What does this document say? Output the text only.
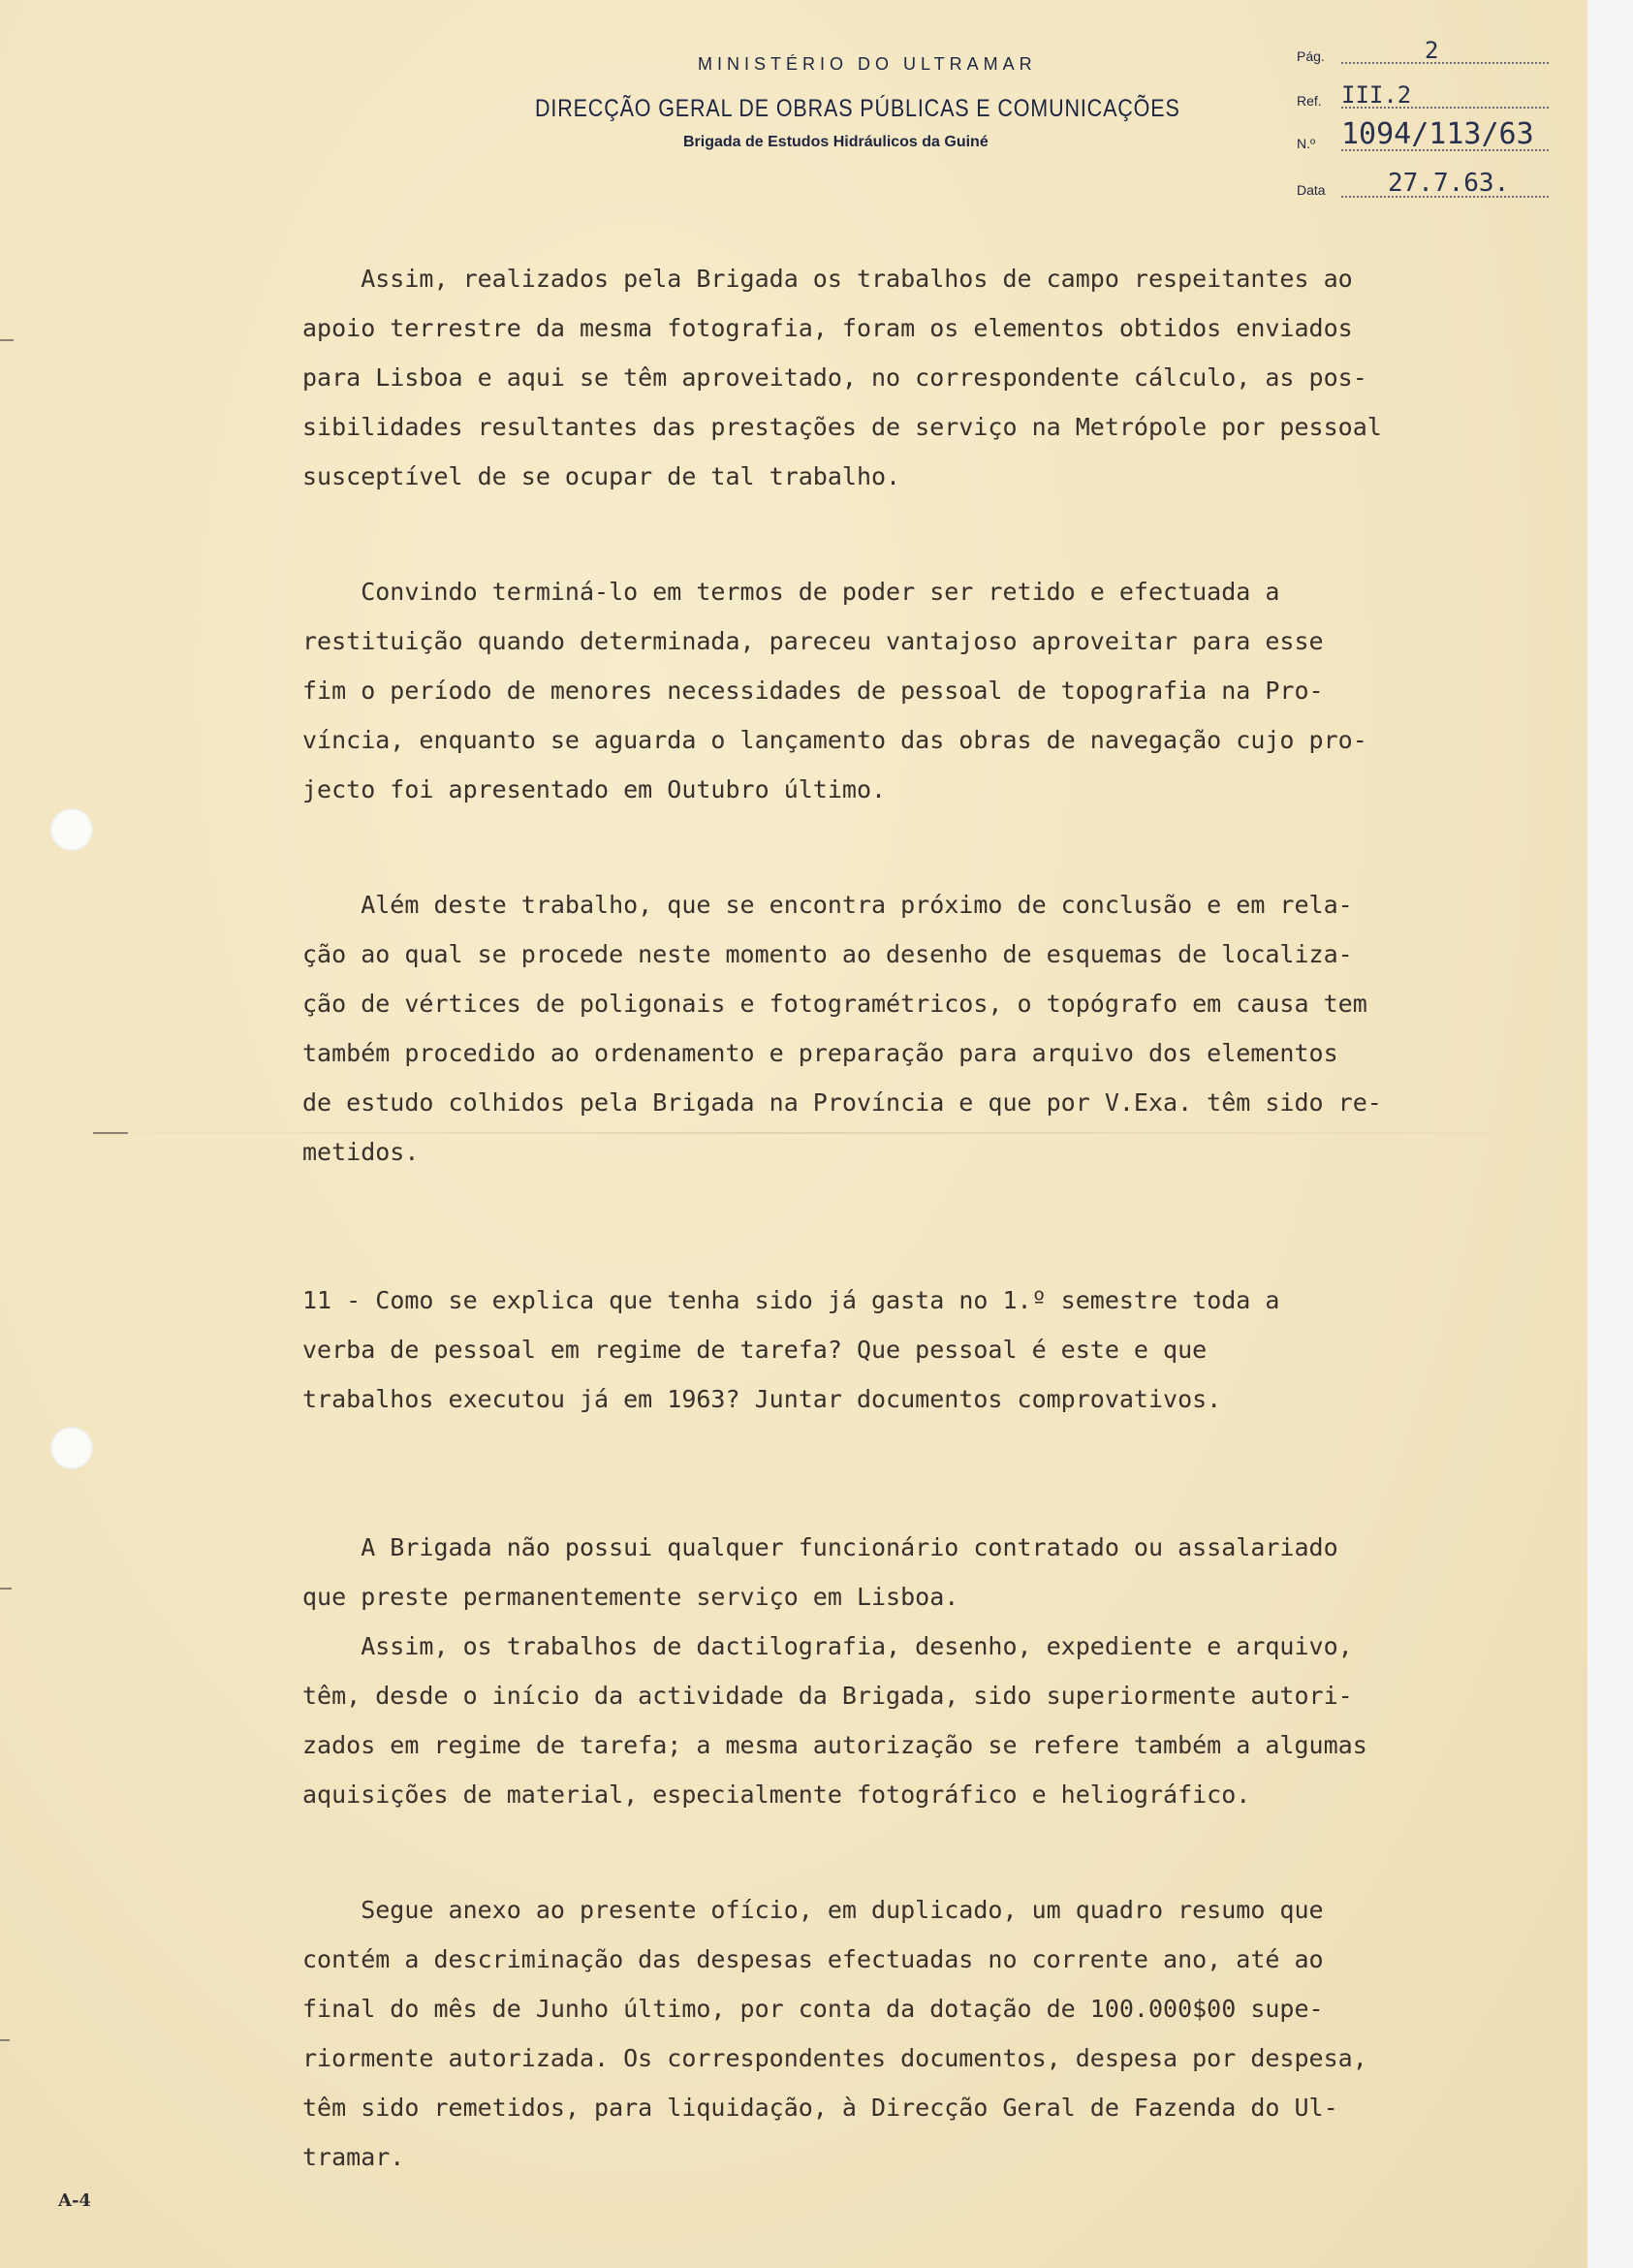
MINISTÉRIO DO ULTRAMAR
DIRECÇÃO GERAL DE OBRAS PÚBLICAS E COMUNICAÇÕES
Brigada de Estudos Hidráulicos da Guiné
Pág.	2
Ref. III.2
N.º 1094/113/63
Data 27.7.63.

Assim, realizados pela Brigada os trabalhos de campo respeitantes ao

apoio terrestre da mesma fotografia, foram os elementos obtidos enviados

para Lisboa e aqui se têm aproveitado, no correspondente cálculo, as pos-

sibilidades resultantes das prestações de serviço na Metrópole por pessoal

susceptível de se ocupar de tal trabalho.

Convindo terminá-lo em termos de poder ser retido e efectuada a

restituição quando determinada, pareceu vantajoso aproveitar para esse

fim o período de menores necessidades de pessoal de topografia na Pro-

víncia, enquanto se aguarda o lançamento das obras de navegação cujo pro-

jecto foi apresentado em Outubro último.

Além deste trabalho, que se encontra próximo de conclusão e em rela-

ção ao qual se procede neste momento ao desenho de esquemas de localiza-

ção de vértices de poligonais e fotogramétricos, o topógrafo em causa tem

também procedido ao ordenamento e preparação para arquivo dos elementos

de estudo colhidos pela Brigada na Província e que por V.Exa. têm sido re-

metidos.

11 - Como se explica que tenha sido já gasta no 1.º semestre toda a

verba de pessoal em regime de tarefa? Que pessoal é este e que

trabalhos executou já em 1963? Juntar documentos comprovativos.

A Brigada não possui qualquer funcionário contratado ou assalariado

que preste permanentemente serviço em Lisboa.

Assim, os trabalhos de dactilografia, desenho, expediente e arquivo,

têm, desde o início da actividade da Brigada, sido superiormente autori-

zados em regime de tarefa; a mesma autorização se refere também a algumas

aquisições de material, especialmente fotográfico e heliográfico.

Segue anexo ao presente ofício, em duplicado, um quadro resumo que

contém a descriminação das despesas efectuadas no corrente ano, até ao

final do mês de Junho último, por conta da dotação de 100.000$00 supe-

riormente autorizada. Os correspondentes documentos, despesa por despesa,

têm sido remetidos, para liquidação, à Direcção Geral de Fazenda do Ul-

tramar.

A-4
